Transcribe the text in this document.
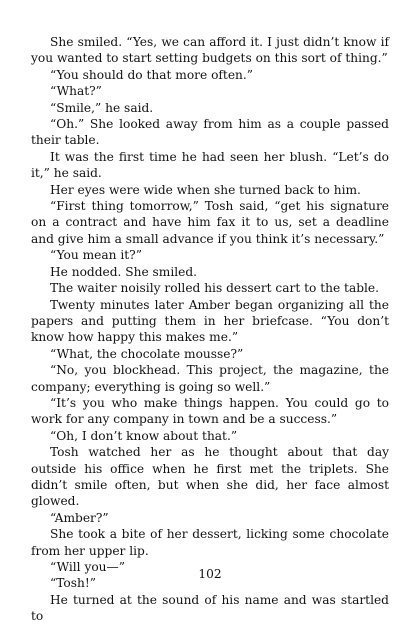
She smiled. “Yes, we can afford it. I just didn’t know if you wanted to start setting budgets on this sort of thing.”

“You should do that more often.”

“What?”

“Smile,” he said.

“Oh.” She looked away from him as a couple passed their table.

It was the first time he had seen her blush. “Let’s do it,” he said.

Her eyes were wide when she turned back to him.

“First thing tomorrow,” Tosh said, “get his signature on a contract and have him fax it to us, set a deadline and give him a small advance if you think it’s necessary.”

“You mean it?”

He nodded. She smiled.

The waiter noisily rolled his dessert cart to the table.

Twenty minutes later Amber began organizing all the papers and putting them in her briefcase. “You don’t know how happy this makes me.”

“What, the chocolate mousse?”

“No, you blockhead. This project, the magazine, the company; everything is going so well.”

“It’s you who make things happen. You could go to work for any company in town and be a success.”

“Oh, I don’t know about that.”

Tosh watched her as he thought about that day outside his office when he first met the triplets. She didn’t smile often, but when she did, her face almost glowed.

“Amber?”

She took a bite of her dessert, licking some chocolate from her upper lip.

“Will you—”

“Tosh!”

He turned at the sound of his name and was startled to

102
